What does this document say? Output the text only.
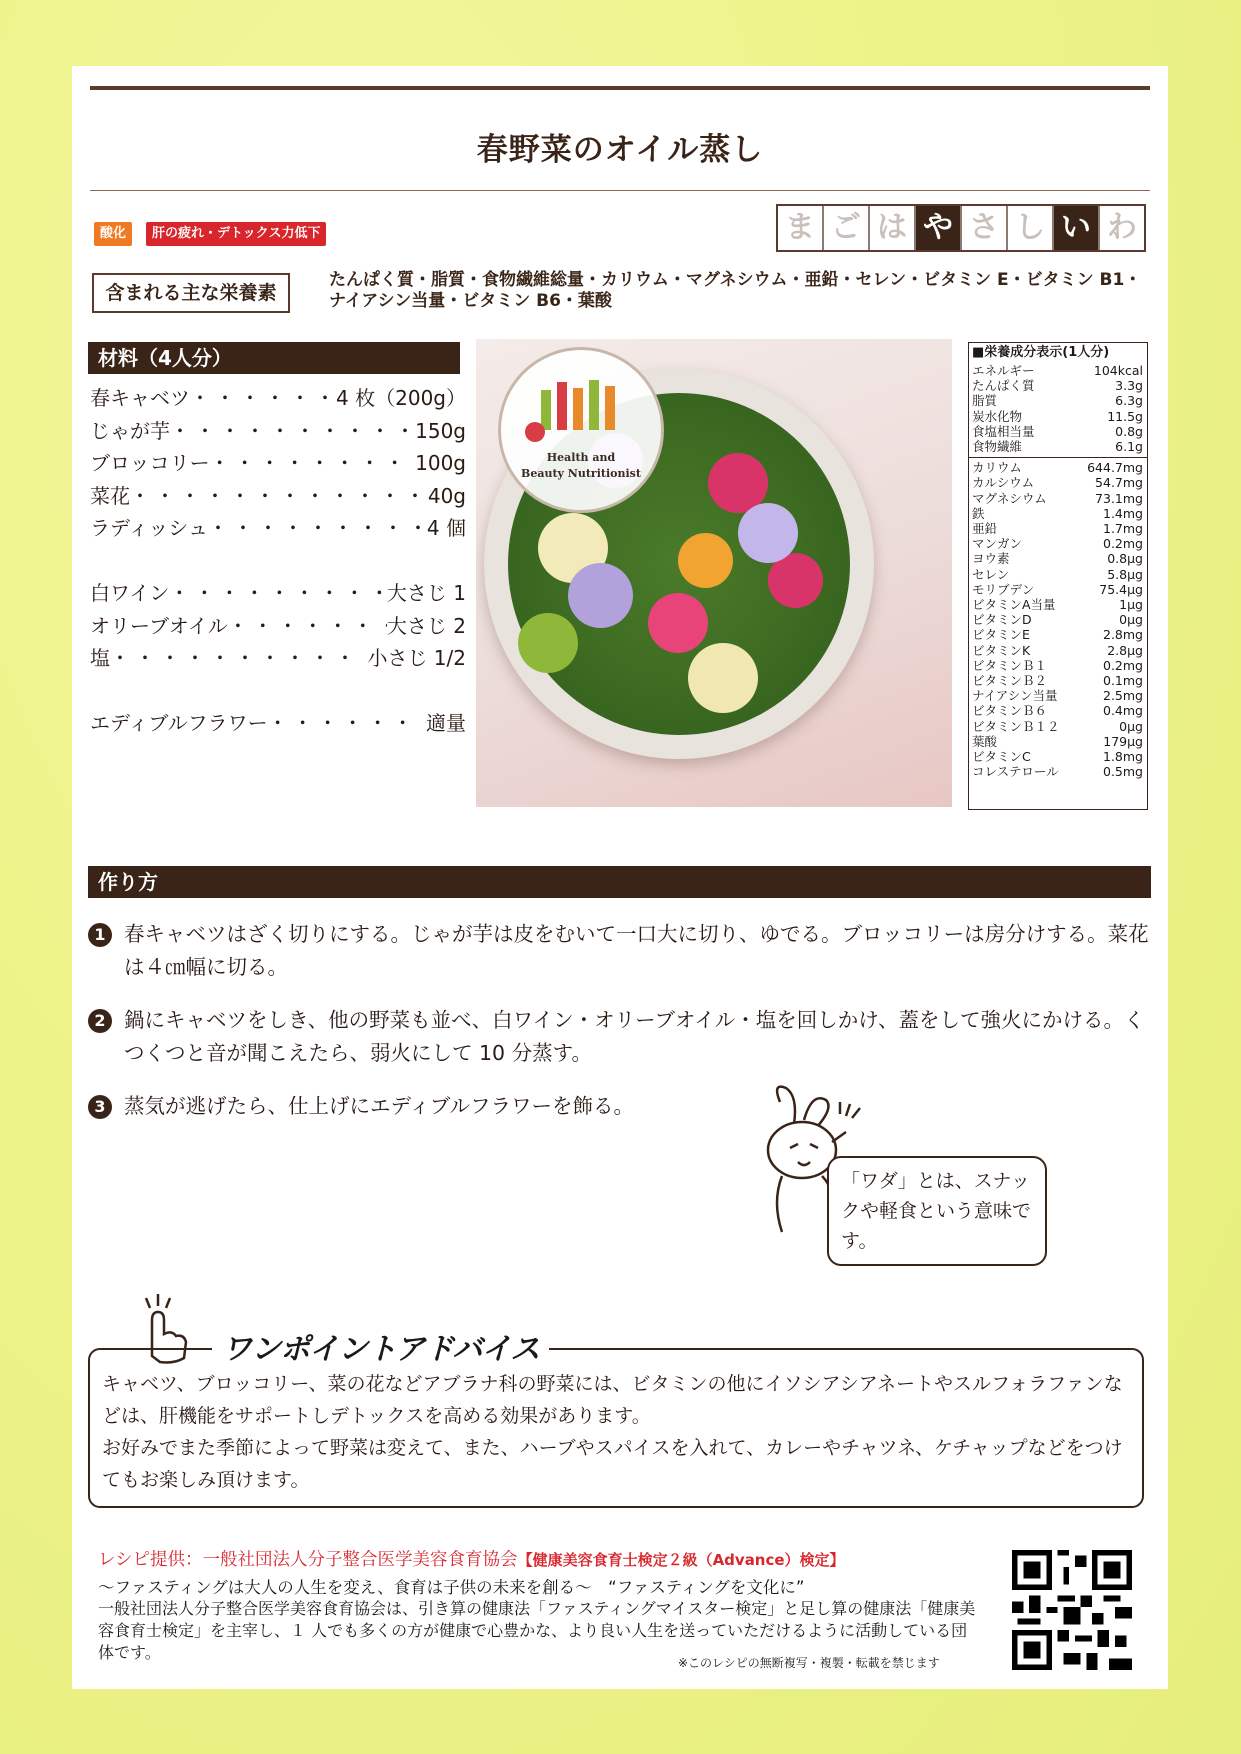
春野菜のオイル蒸し
酸化	肝の疲れ・デトックス力低下	ま ご は や さ し い わ
含まれる主な栄養素
たんぱく質・脂質・食物繊維総量・カリウム・マグネシウム・亜鉛・セレン・ビタミン E・ビタミン B1・ナイアシン当量・ビタミン B6・葉酸
材料（4人分）
春キャベツ ・・・・・・・・・・・・・・・・・・・・・・・・・・・・・	4 枚（200g）
じゃが芋 ・・・・・・・・・・・・・・・・・・・・・・・・・・・・・	150g
ブロッコリー ・・・・・・・・・・・・・・・・・・・・・・・・・・・・・	100g
菜花 ・・・・・・・・・・・・・・・・・・・・・・・・・・・・・	40g
ラディッシュ ・・・・・・・・・・・・・・・・・・・・・・・・・・・・・	4 個
白ワイン ・・・・・・・・・・・・・・・・・・・・・・・・・・・・・	大さじ 1
オリーブオイル ・・・・・・・・・・・・・・・・・・・・・・・・・・・・・	大さじ 2
塩 ・・・・・・・・・・・・・・・・・・・・・・・・・・・・・	小さじ 1/2
エディブルフラワー ・・・・・・・・・・・・・・・・・・・・・・・・・・・・・	適量
Health and
Beauty Nutritionist
■栄養成分表示(1人分)
エネルギー	104kcal
たんぱく質	3.3g
脂質	6.3g
炭水化物	11.5g
食塩相当量	0.8g
食物繊維	6.1g
カリウム	644.7mg
カルシウム	54.7mg
マグネシウム	73.1mg
鉄	1.4mg
亜鉛	1.7mg
マンガン	0.2mg
ヨウ素	0.8μg
セレン	5.8μg
モリブデン	75.4μg
ビタミンA当量	1μg
ビタミンD	0μg
ビタミンE	2.8mg
ビタミンK	2.8μg
ビタミンＢ１	0.2mg
ビタミンＢ２	0.1mg
ナイアシン当量	2.5mg
ビタミンＢ６	0.4mg
ビタミンＢ１２	0μg
葉酸	179μg
ビタミンC	1.8mg
コレステロール	0.5mg
作り方
1 春キャベツはざく切りにする。じゃが芋は皮をむいて一口大に切り、ゆでる。ブロッコリーは房分けする。菜花は４㎝幅に切る。
2 鍋にキャベツをしき、他の野菜も並べ、白ワイン・オリーブオイル・塩を回しかけ、蓋をして強火にかける。くつくつと音が聞こえたら、弱火にして 10 分蒸す。
3 蒸気が逃げたら、仕上げにエディブルフラワーを飾る。
「ワダ」とは、スナックや軽食という意味です。

キャベツ、ブロッコリー、菜の花などアブラナ科の野菜には、ビタミンの他にイソシアシアネートやスルフォラファンなどは、肝機能をサポートしデトックスを高める効果があります。

お好みでまた季節によって野菜は変えて、また、ハーブやスパイスを入れて、カレーやチャツネ、ケチャップなどをつけてもお楽しみ頂けます。

ワンポイントアドバイス
レシピ提供：一般社団法人分子整合医学美容食育協会【健康美容食育士検定２級（Advance）検定】
～ファスティングは大人の人生を変え、食育は子供の未来を創る～　“ファスティングを文化に”
一般社団法人分子整合医学美容食育協会は、引き算の健康法「ファスティングマイスター検定」と足し算の健康法「健康美容食育士検定」を主宰し、１ 人でも多くの方が健康で心豊かな、より良い人生を送っていただけるように活動している団体です。
※このレシピの無断複写・複製・転載を禁じます
